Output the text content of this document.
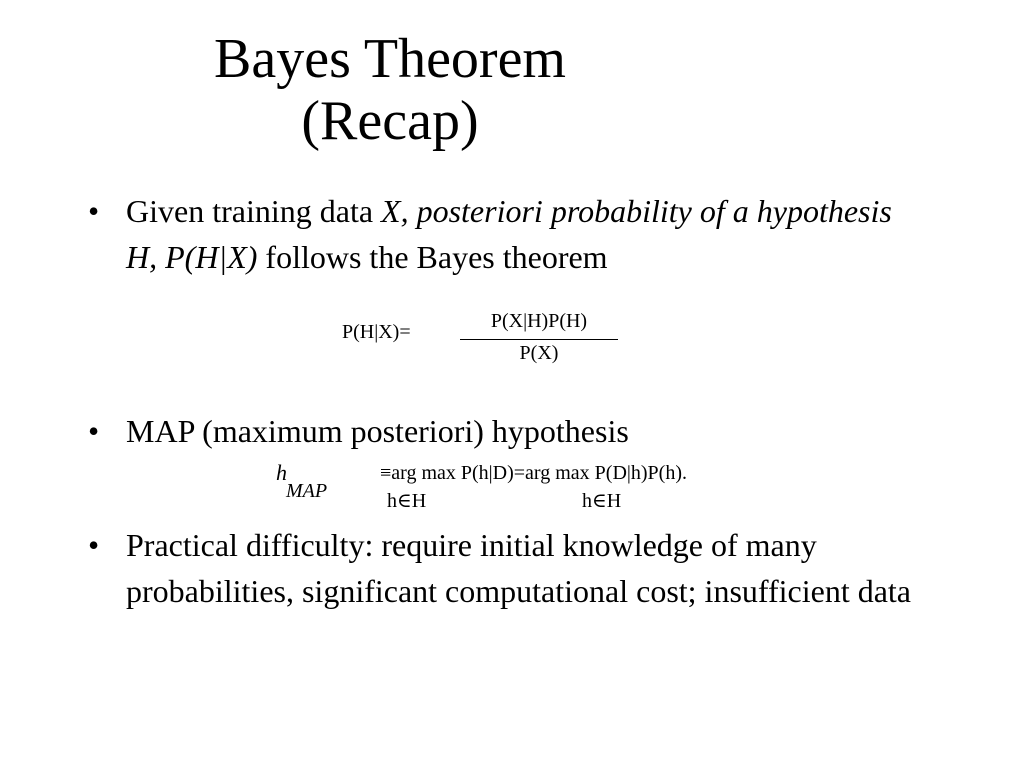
Bayes Theorem
(Recap)
• Given training data X, posteriori probability of a hypothesis H, P(H|X) follows the Bayes theorem
P(H|X)=	P(X|H)P(H)
P(X)
• MAP (maximum posteriori) hypothesis
h
MAP
≡arg max P(h|D)=arg max P(D|h)P(h).
h∈H	h∈H
• Practical difficulty: require initial knowledge of many probabilities, significant computational cost; insufficient data
